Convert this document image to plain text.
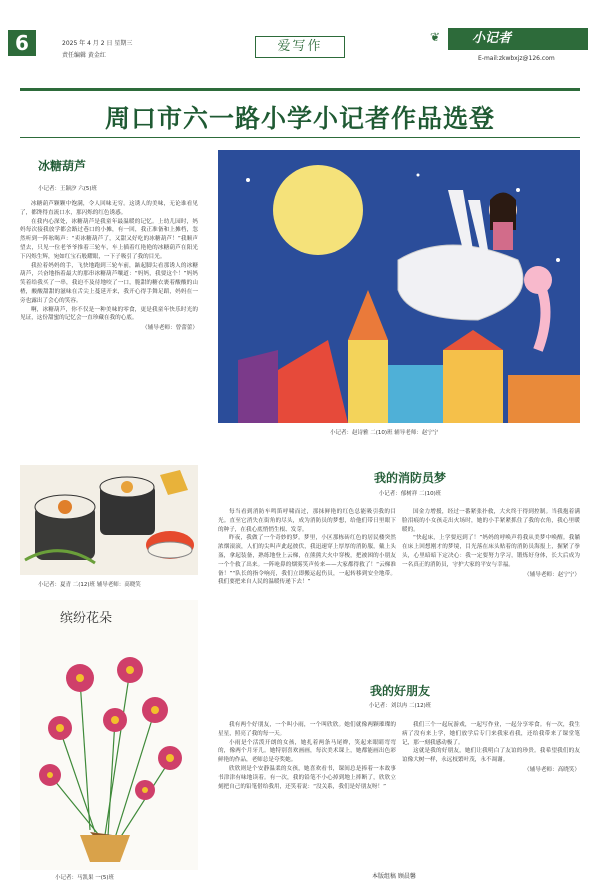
6	2025 年 4 月 2 日 星期三
责任编辑 黄金红
爱写作
❦	小记者
E-mail:zkwbxjz@126.com
周口市六一路小学小记者作品选登
冰糖葫芦
小记者：王颖汐 六(5)班

冰糖葫芦颗颗中饱满，令人回味无穷。这诱人的美味，无论谁看见了，都馋得直流口水，那闪烁的红色诱惑。

在我内心深处，冰糖葫芦是我童年最温暖的记忆。上幼儿园时，妈妈每次接我放学都会路过巷口的小摊，有一回，我正准备和上摊档，忽然听到一阵吆喝声：“卖冰糖葫芦了，又甜又好吃的冰糖葫芦！”我顺声望去，只见一位老爷爷推着三轮车，车上插着红艳艳的冰糖葫芦在阳光下闪烁生辉，宛如红宝石般耀眼，一下子吸引了我的目光。

我拉着妈妈的手，飞快地跑到三轮车前，踮起脚尖看那诱人的冰糖葫芦，兴奋地指着最大的那串冰糖葫芦嚷道：“妈妈，我要这个！”妈妈笑着给我买了一串，我迫不及待地咬了一口，脆甜的糖衣裹着酸酸的山楂，酸酸甜甜的滋味在舌尖上蔓延开来，我开心得手舞足蹈，妈妈在一旁也露出了会心的笑容。

啊，冰糖葫芦，你不仅是一种美味的零食，更是我童年快乐时光的见证，这份甜蜜的记忆会一直珍藏在我的心底。

（辅导老师：曾蕾蕾）
小记者：夏青 二(12)班 辅导老师：高晓笑
缤纷花朵
小记者：马凯果 一(5)班
小记者：赵诗雅 二(10)班 辅导老师：赵宁宁
我的消防员梦
小记者：郁树祥 二(10)班

每当看到消防车鸣笛呼啸而过，那抹鲜艳的红色总能吸引我的目光。直至它消失在街角的尽头，成为消防员的梦想，给他们带日里眼下的种子，在我心底悄悄生根、发芽。

昨夜，我做了一个奇妙的梦。梦里，小区那栋砖红色的居民楼突然浓烟滚滚，人们的尖叫声此起彼伏，我迅速穿上厚厚的消防服，戴上头盔，拿起装备，熟练地登上云梯，在熊熊大火中穿梭，把被困的小朋友一个个救了出来。一阵呛鼻的烟雾笑声传来——大家都得救了！“云梯准备！”“队长的指令响亮，我们立即搬运起伤员，一起转移到安全地带。我们要把来自人民的温暖传递下去！”

国金力增援，经过一番紧张扑救，大火终于得到控制。当我抱着满脸泪痕的小女孩走出火场时，她的小手紧紧抓住了我的衣角，我心里暖暖的。

“快起床，上学要迟到了！”妈妈的呼唤声将我从美梦中唤醒。我躺在床上回想刚才的梦境，目光落在床头贴着的消防员海报上，握紧了拳头，心里暗暗下定决心：我一定要努力学习，锻炼好身体，长大后成为一名真正的消防员，守护大家的平安与幸福。

（辅导老师：赵宁宁）
我的好朋友
小记者：刘以冉 二(12)班

我有两个好朋友，一个叫小雨，一个叫欣欣。她们就像两颗璀璨的星星，照亮了我的每一天。

小雨是个活泼开朗的女孩，她扎着两条马尾辫，笑起来眼睛弯弯的，像两个月牙儿。她特别喜欢画画，每次美术课上，她都能画出色彩鲜艳的作品，老师总是夸奖她。

欣欣则是个安静温柔的女孩，她喜欢看书，课间总是捧着一本故事书津津有味地读着。有一次，我的铅笔不小心掉到地上摔断了，欣欣立刻把自己的铅笔借给我用，还笑着说：“没关系，我们是好朋友呀！”

我们三个一起玩游戏，一起写作业，一起分享零食。有一次，我生病了没有来上学，她们放学后专门来我家看我，还给我带来了课堂笔记，那一刻我感动极了。

这就是我的好朋友，她们让我明白了友谊的珍贵。我希望我们的友谊像大树一样，永远枝繁叶茂，永不凋谢。

（辅导老师：高晓笑）
本版组稿 顾晨馨
